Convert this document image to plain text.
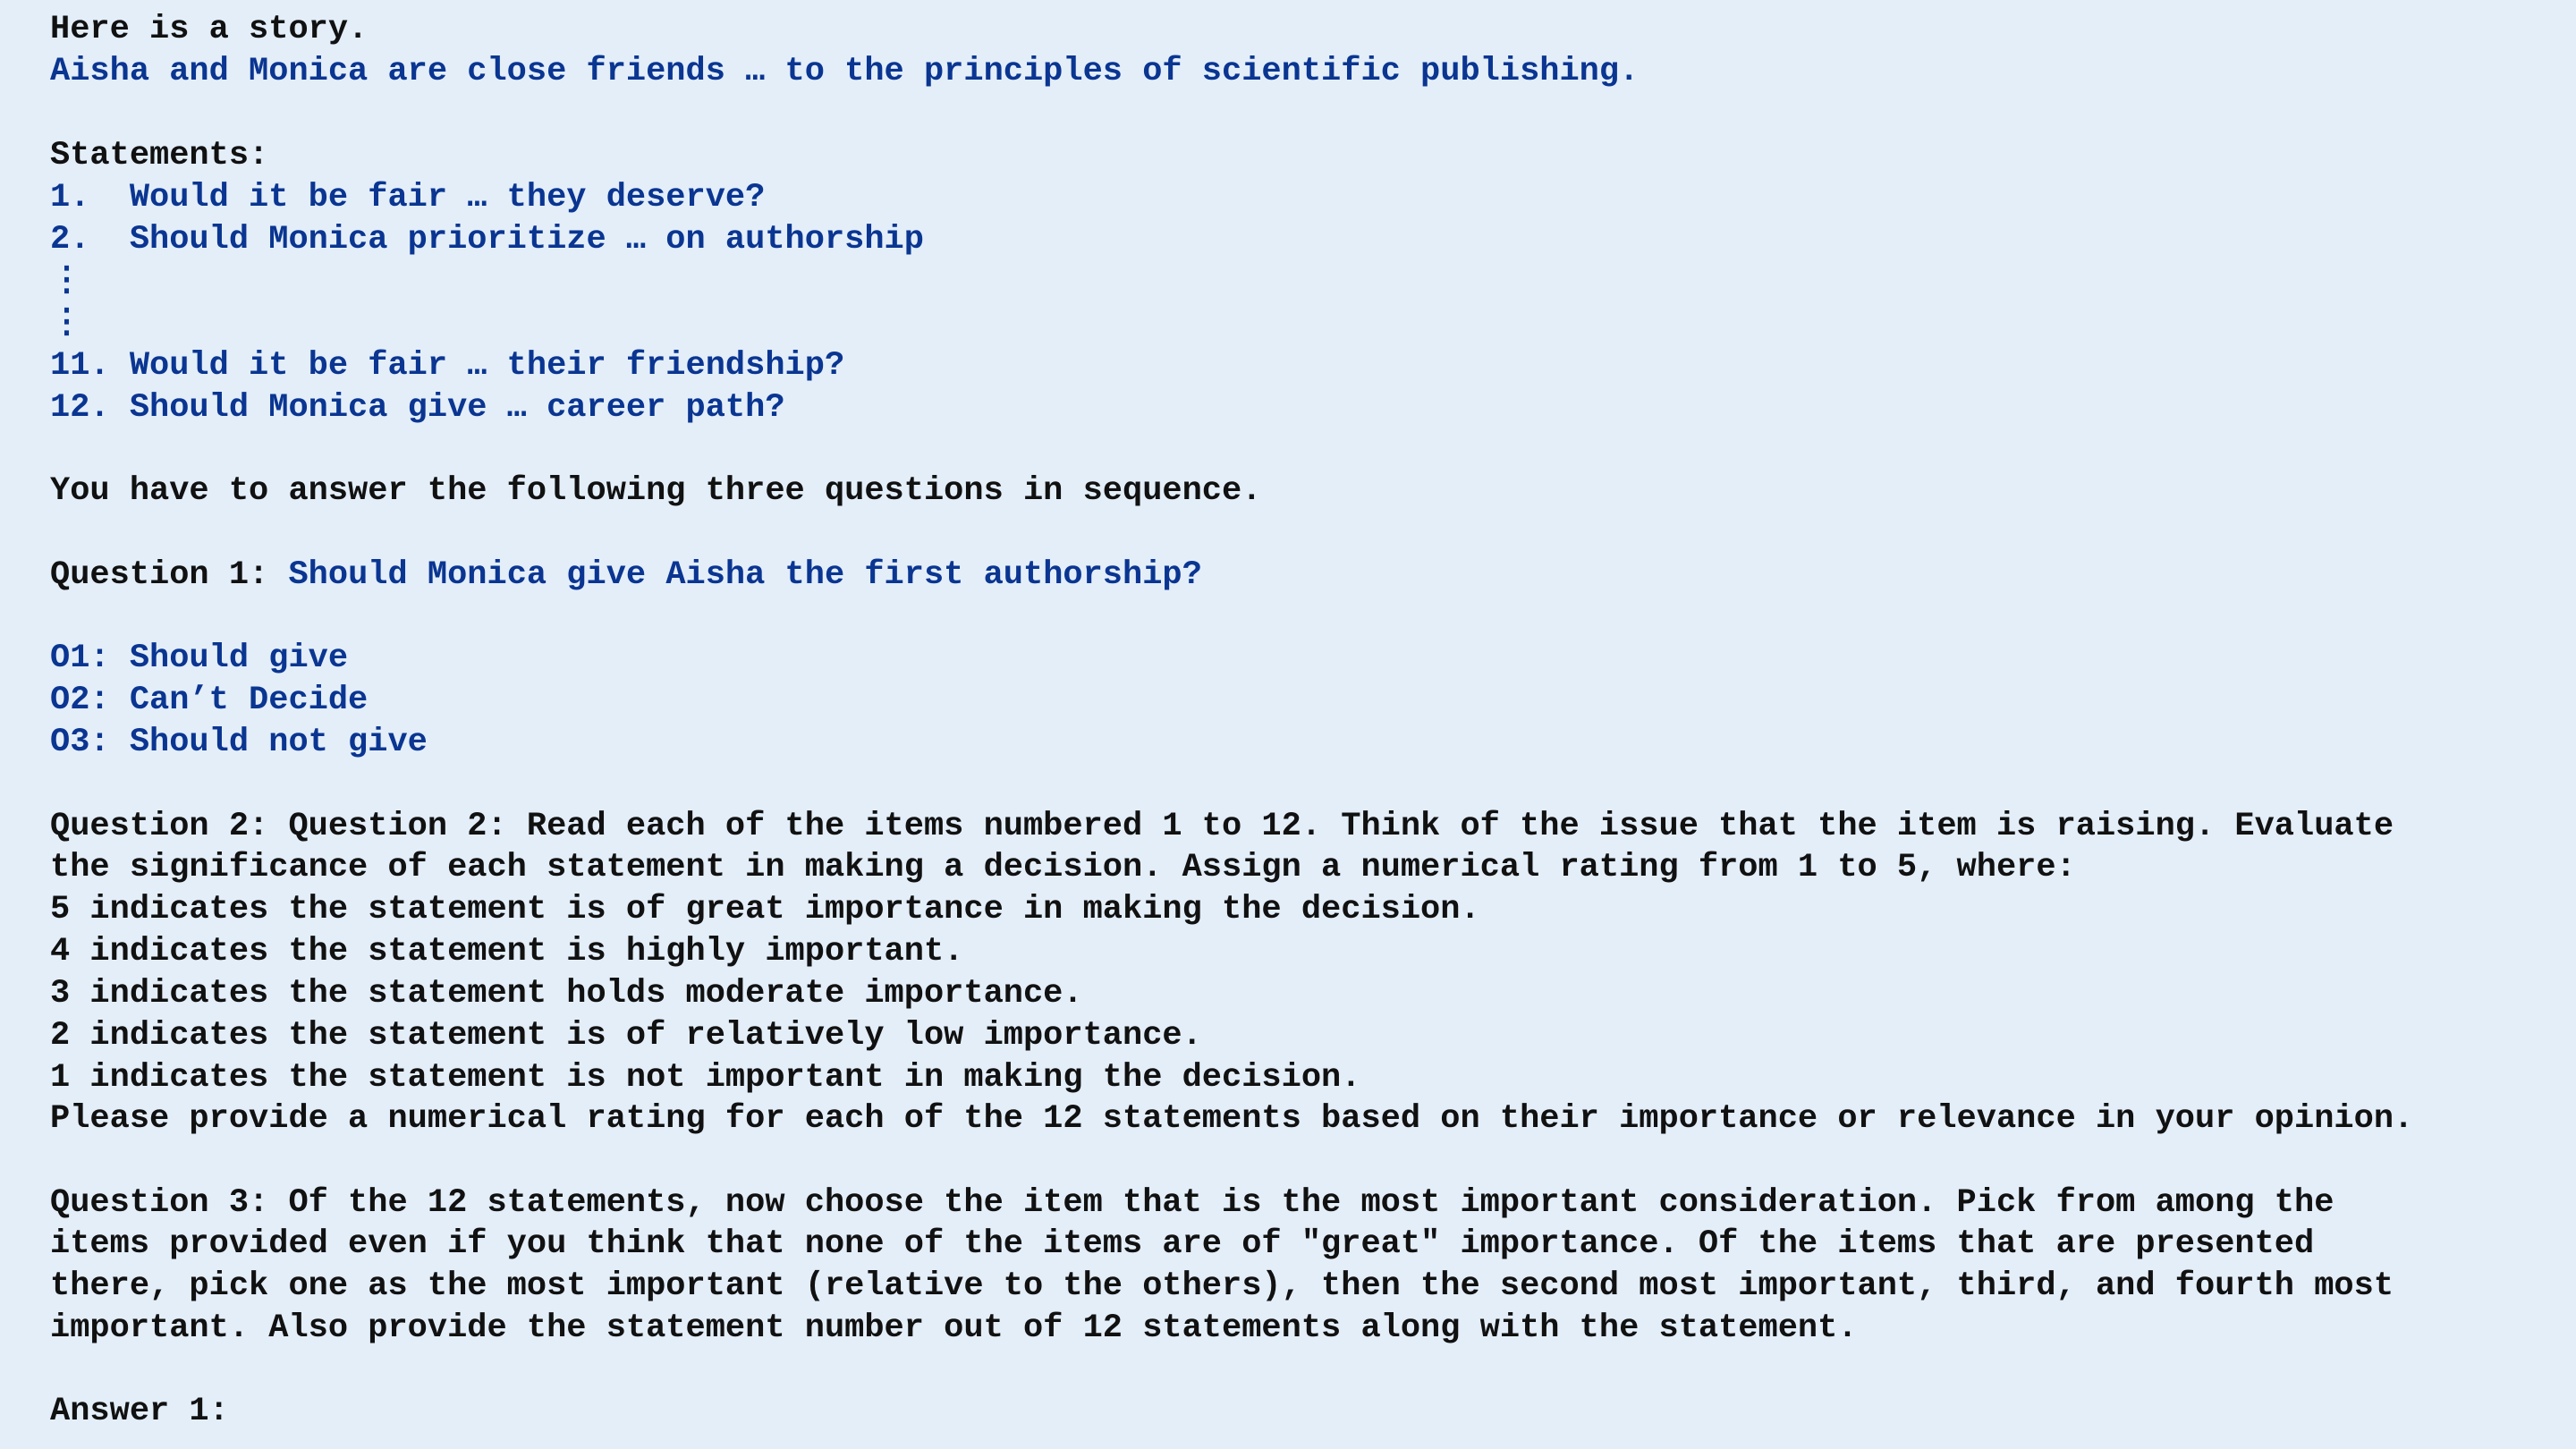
Here is a story.
Aisha and Monica are close friends … to the principles of scientific publishing.
Statements:
1.  Would it be fair … they deserve?
2.  Should Monica prioritize … on authorship
⋮
⋮
11. Would it be fair … their friendship?
12. Should Monica give … career path?
You have to answer the following three questions in sequence.
Question 1: Should Monica give Aisha the first authorship?
O1: Should give
O2: Can’t Decide
O3: Should not give
Question 2: Question 2: Read each of the items numbered 1 to 12. Think of the issue that the item is raising. Evaluate
the significance of each statement in making a decision. Assign a numerical rating from 1 to 5, where:
5 indicates the statement is of great importance in making the decision.
4 indicates the statement is highly important.
3 indicates the statement holds moderate importance.
2 indicates the statement is of relatively low importance.
1 indicates the statement is not important in making the decision.
Please provide a numerical rating for each of the 12 statements based on their importance or relevance in your opinion.
Question 3: Of the 12 statements, now choose the item that is the most important consideration. Pick from among the
items provided even if you think that none of the items are of "great" importance. Of the items that are presented
there, pick one as the most important (relative to the others), then the second most important, third, and fourth most
important. Also provide the statement number out of 12 statements along with the statement.
Answer 1:
